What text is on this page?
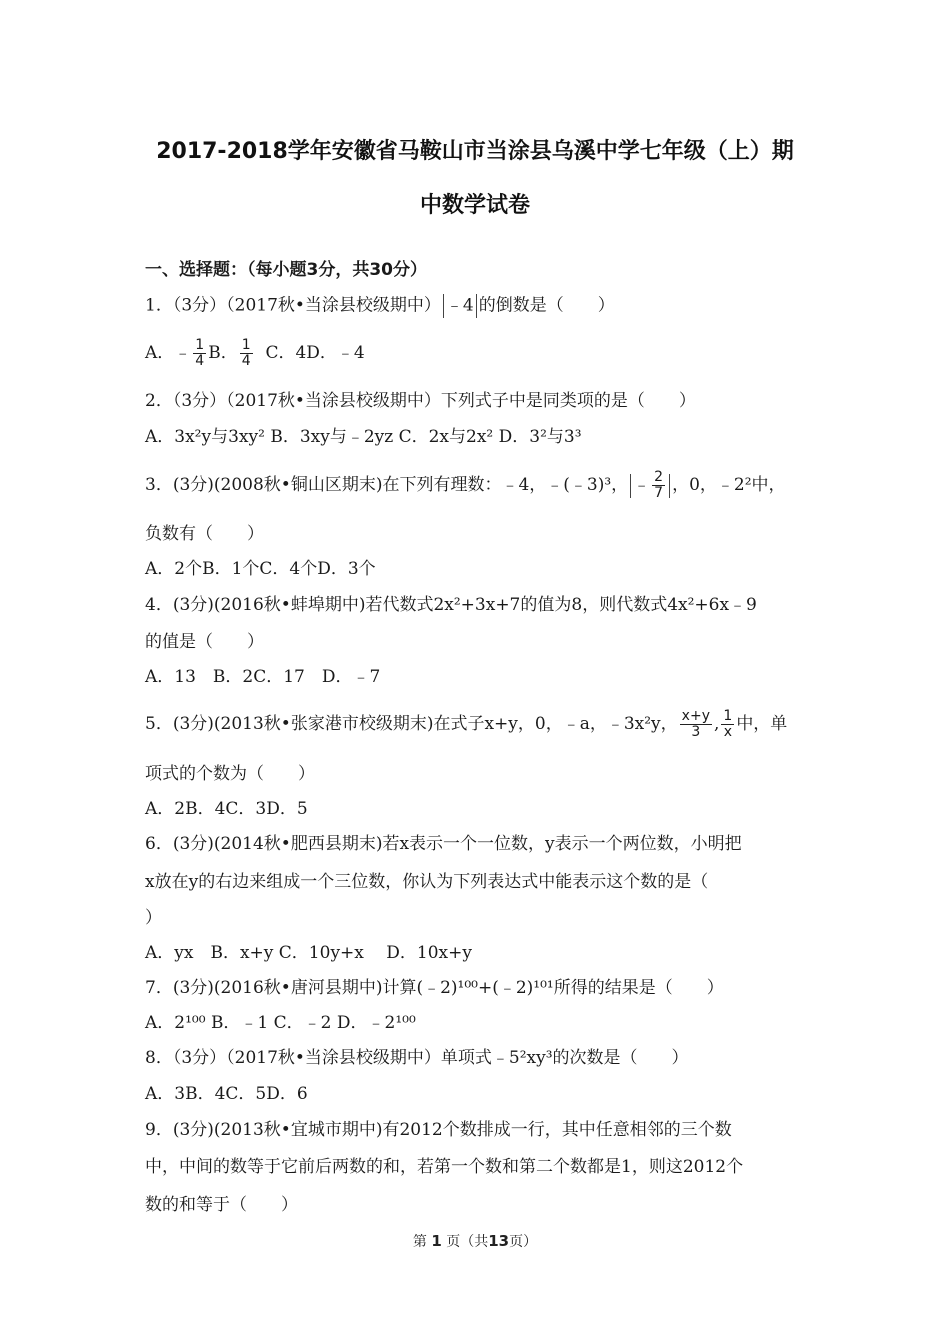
2017-2018学年安徽省马鞍山市当涂县乌溪中学七年级（上）期
中数学试卷
一、选择题：（每小题3分，共30分）
1．（3分）（2017秋•当涂县校级期中） ﹣4 的倒数是（　　）
A．﹣ $\frac{1}{4}$ B． $\frac{1}{4}$ C．4D．﹣4
2．（3分）（2017秋•当涂县校级期中）下列式子中是同类项的是（　　）
A．3x²y与3xy² B．3xy与﹣2yz C．2x与2x² D．3²与3³
3．(3分)(2008秋•铜山区期末)在下列有理数：﹣4，﹣(﹣3)³， ﹣ $\frac{2}{7}$ ，0，﹣2²中，
负数有（　　）
A．2个B．1个C．4个D．3个
4．(3分)(2016秋•蚌埠期中)若代数式2x²+3x+7的值为8，则代数式4x²+6x﹣9
的值是（　　）
A．13　B．2C．17　D．﹣7
5．(3分)(2013秋•张家港市校级期末)在式子x+y，0，﹣a，﹣3x²y， $\frac{x+y}{3}$ , $\frac{1}{x}$ 中，单
项式的个数为（　　）
A．2B．4C．3D．5
6．(3分)(2014秋•肥西县期末)若x表示一个一位数，y表示一个两位数，小明把
x放在y的右边来组成一个三位数，你认为下列表达式中能表示这个数的是（
）
A．yx　B．x+y C．10y+x　 D．10x+y
7．(3分)(2016秋•唐河县期中)计算(﹣2)¹⁰⁰+(﹣2)¹⁰¹所得的结果是（　　）
A．2¹⁰⁰ B．﹣1 C．﹣2 D．﹣2¹⁰⁰
8．（3分）（2017秋•当涂县校级期中）单项式﹣5²xy³的次数是（　　）
A．3B．4C．5D．6
9．(3分)(2013秋•宜城市期中)有2012个数排成一行，其中任意相邻的三个数
中，中间的数等于它前后两数的和，若第一个数和第二个数都是1，则这2012个
数的和等于（　　）
第 1 页（共13页）
